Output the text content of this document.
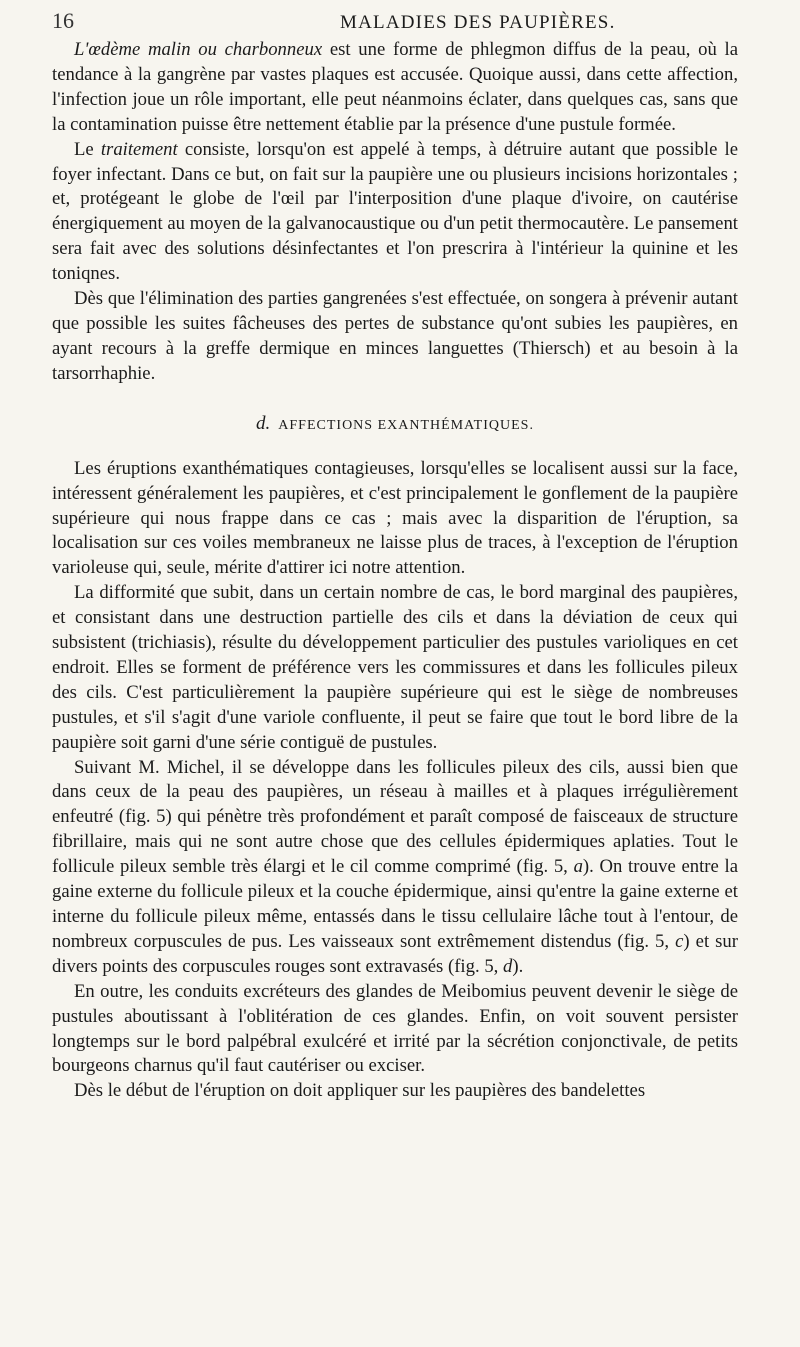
16	MALADIES DES PAUPIÈRES.

L'œdème malin ou charbonneux est une forme de phlegmon diffus de la peau, où la tendance à la gangrène par vastes plaques est accusée. Quoique aussi, dans cette affection, l'infection joue un rôle important, elle peut néanmoins éclater, dans quelques cas, sans que la contamination puisse être nettement établie par la présence d'une pustule formée.

Le traitement consiste, lorsqu'on est appelé à temps, à détruire autant que possible le foyer infectant. Dans ce but, on fait sur la paupière une ou plusieurs incisions horizontales ; et, protégeant le globe de l'œil par l'interposition d'une plaque d'ivoire, on cautérise énergiquement au moyen de la galvanocaustique ou d'un petit thermocautère. Le pansement sera fait avec des solutions désinfectantes et l'on prescrira à l'intérieur la quinine et les toniqnes.

Dès que l'élimination des parties gangrenées s'est effectuée, on songera à prévenir autant que possible les suites fâcheuses des pertes de substance qu'ont subies les paupières, en ayant recours à la greffe dermique en minces languettes (Thiersch) et au besoin à la tarsorrhaphie.

d. AFFECTIONS EXANTHÉMATIQUES.

Les éruptions exanthématiques contagieuses, lorsqu'elles se localisent aussi sur la face, intéressent généralement les paupières, et c'est principalement le gonflement de la paupière supérieure qui nous frappe dans ce cas ; mais avec la disparition de l'éruption, sa localisation sur ces voiles membraneux ne laisse plus de traces, à l'exception de l'éruption varioleuse qui, seule, mérite d'attirer ici notre attention.

La difformité que subit, dans un certain nombre de cas, le bord marginal des paupières, et consistant dans une destruction partielle des cils et dans la déviation de ceux qui subsistent (trichiasis), résulte du développement particulier des pustules varioliques en cet endroit. Elles se forment de préférence vers les commissures et dans les follicules pileux des cils. C'est particulièrement la paupière supérieure qui est le siège de nombreuses pustules, et s'il s'agit d'une variole confluente, il peut se faire que tout le bord libre de la paupière soit garni d'une série contiguë de pustules.

Suivant M. Michel, il se développe dans les follicules pileux des cils, aussi bien que dans ceux de la peau des paupières, un réseau à mailles et à plaques irrégulièrement enfeutré (fig. 5) qui pénètre très profondément et paraît composé de faisceaux de structure fibrillaire, mais qui ne sont autre chose que des cellules épidermiques aplaties. Tout le follicule pileux semble très élargi et le cil comme comprimé (fig. 5, a). On trouve entre la gaine externe du follicule pileux et la couche épidermique, ainsi qu'entre la gaine externe et interne du follicule pileux même, entassés dans le tissu cellulaire lâche tout à l'entour, de nombreux corpuscules de pus. Les vaisseaux sont extrêmement distendus (fig. 5, c) et sur divers points des corpuscules rouges sont extravasés (fig. 5, d).

En outre, les conduits excréteurs des glandes de Meibomius peuvent devenir le siège de pustules aboutissant à l'oblitération de ces glandes. Enfin, on voit souvent persister longtemps sur le bord palpébral exulcéré et irrité par la sécrétion conjonctivale, de petits bourgeons charnus qu'il faut cautériser ou exciser.

Dès le début de l'éruption on doit appliquer sur les paupières des bandelettes
